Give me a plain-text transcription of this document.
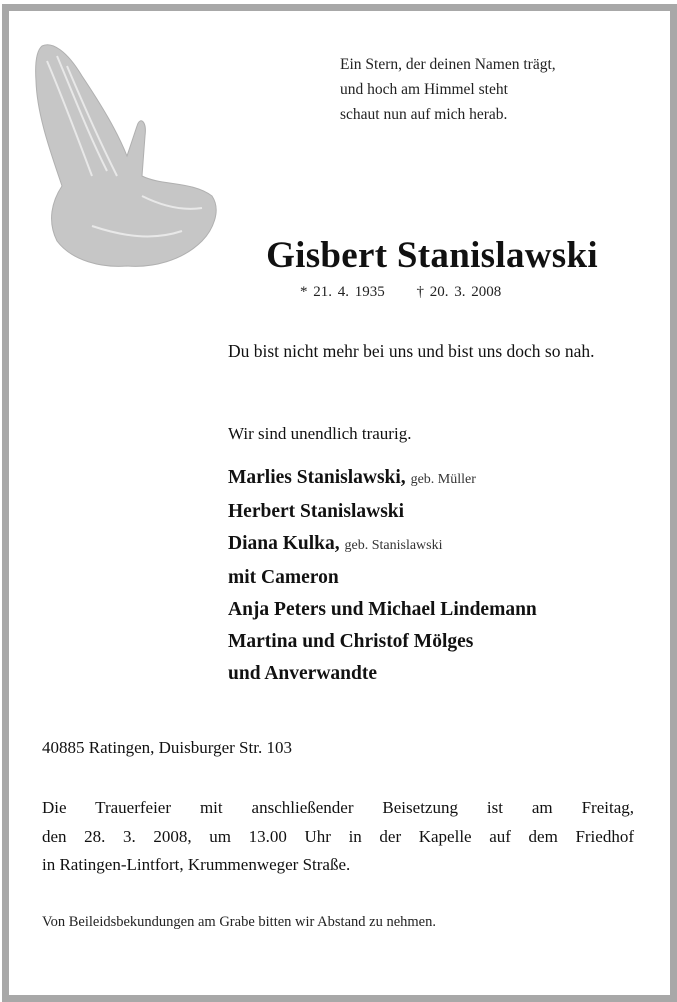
Ein Stern, der deinen Namen trägt,
und hoch am Himmel steht
schaut nun auf mich herab.
Gisbert Stanislawski
* 21. 4. 1935 † 20. 3. 2008
Du bist nicht mehr bei uns und bist uns doch so nah.
Wir sind unendlich traurig.
Marlies Stanislawski, geb. Müller
Herbert Stanislawski
Diana Kulka, geb. Stanislawski
mit Cameron
Anja Peters und Michael Lindemann
Martina und Christof Mölges
und Anverwandte
40885 Ratingen, Duisburger Str. 103
Die Trauerfeier mit anschließender Beisetzung ist am Freitag,
den 28. 3. 2008, um 13.00 Uhr in der Kapelle auf dem Friedhof
in Ratingen-Lintfort, Krummenweger Straße.
Von Beileidsbekundungen am Grabe bitten wir Abstand zu nehmen.
